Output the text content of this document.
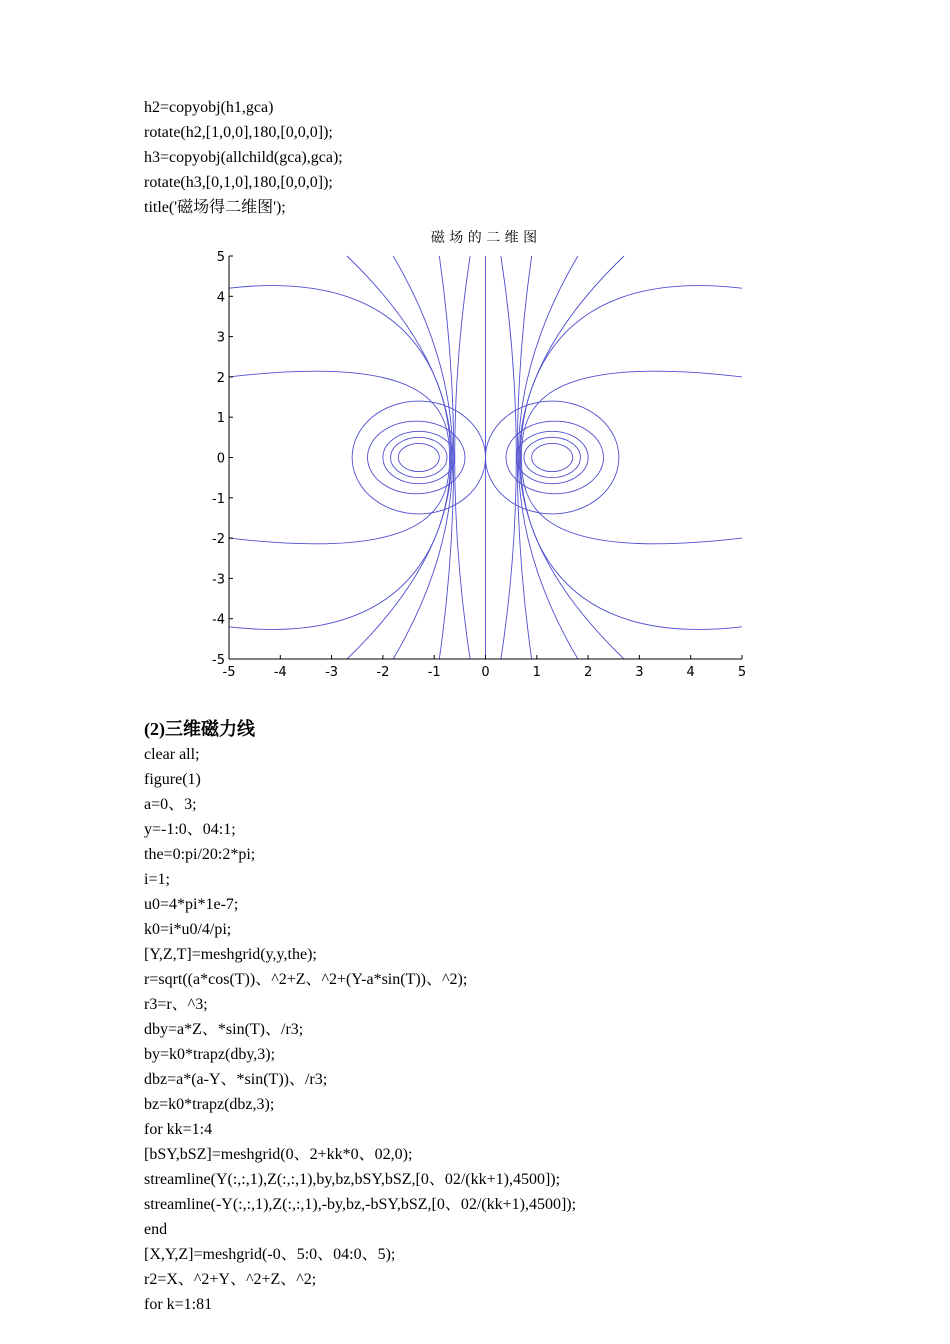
h2=copyobj(h1,gca)
rotate(h2,[1,0,0],180,[0,0,0]);
h3=copyobj(allchild(gca),gca);
rotate(h3,[0,1,0],180,[0,0,0]);
title('磁场得二维图');
磁 场 的 二 维 图
-5	-4	-3	-2	-1	0	1	2	3	4	5
5
4
3
2
1
0
-1
-2
-3
-4
-5
(2)三维磁力线
clear all;
figure(1)
a=0、3;
y=-1:0、04:1;
the=0:pi/20:2*pi;
i=1;
u0=4*pi*1e-7;
k0=i*u0/4/pi;
[Y,Z,T]=meshgrid(y,y,the);
r=sqrt((a*cos(T))、^2+Z、^2+(Y-a*sin(T))、^2);
r3=r、^3;
dby=a*Z、*sin(T)、/r3;
by=k0*trapz(dby,3);
dbz=a*(a-Y、*sin(T))、/r3;
bz=k0*trapz(dbz,3);
for kk=1:4
[bSY,bSZ]=meshgrid(0、2+kk*0、02,0);
streamline(Y(:,:,1),Z(:,:,1),by,bz,bSY,bSZ,[0、02/(kk+1),4500]);
streamline(-Y(:,:,1),Z(:,:,1),-by,bz,-bSY,bSZ,[0、02/(kk+1),4500]);
end
[X,Y,Z]=meshgrid(-0、5:0、04:0、5);
r2=X、^2+Y、^2+Z、^2;
for k=1:81
